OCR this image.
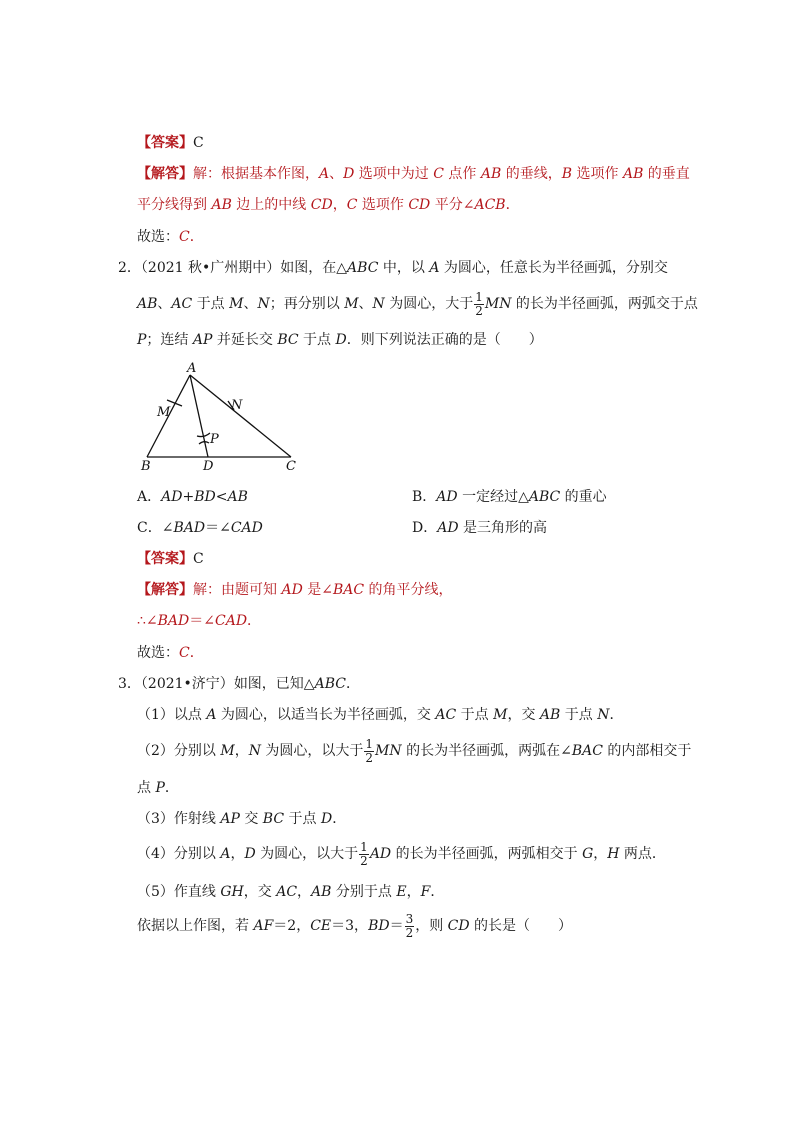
【答案】C
【解答】解：根据基本作图，A、D 选项中为过 C 点作 AB 的垂线，B 选项作 AB 的垂直
平分线得到 AB 边上的中线 CD，C 选项作 CD 平分∠ACB．
故选：C．
2．（2021 秋•广州期中）如图，在△ABC 中，以 A 为圆心，任意长为半径画弧，分别交
AB、AC 于点 M、N；再分别以 M、N 为圆心，大于 $\frac{1}{2}$ MN 的长为半径画弧，两弧交于点
P；连结 AP 并延长交 BC 于点 D．则下列说法正确的是（　　）
A
B	D	C
M	N
P
A．AD+BD<AB	B．AD 一定经过△ABC 的重心
C．∠BAD＝∠CAD	D．AD 是三角形的高
【答案】C
【解答】解：由题可知 AD 是∠BAC 的角平分线，
∴∠BAD＝∠CAD．
故选：C．
3．（2021•济宁）如图，已知△ABC．
（1）以点 A 为圆心，以适当长为半径画弧，交 AC 于点 M，交 AB 于点 N．
（2）分别以 M，N 为圆心，以大于 $\frac{1}{2}$ MN 的长为半径画弧，两弧在∠BAC 的内部相交于
点 P．
（3）作射线 AP 交 BC 于点 D．
（4）分别以 A，D 为圆心，以大于 $\frac{1}{2}$ AD 的长为半径画弧，两弧相交于 G，H 两点．
（5）作直线 GH，交 AC，AB 分别于点 E，F．
依据以上作图，若 AF＝2，CE＝3，$BD= \frac{3}{2}$ ，则 CD 的长是（　　）
